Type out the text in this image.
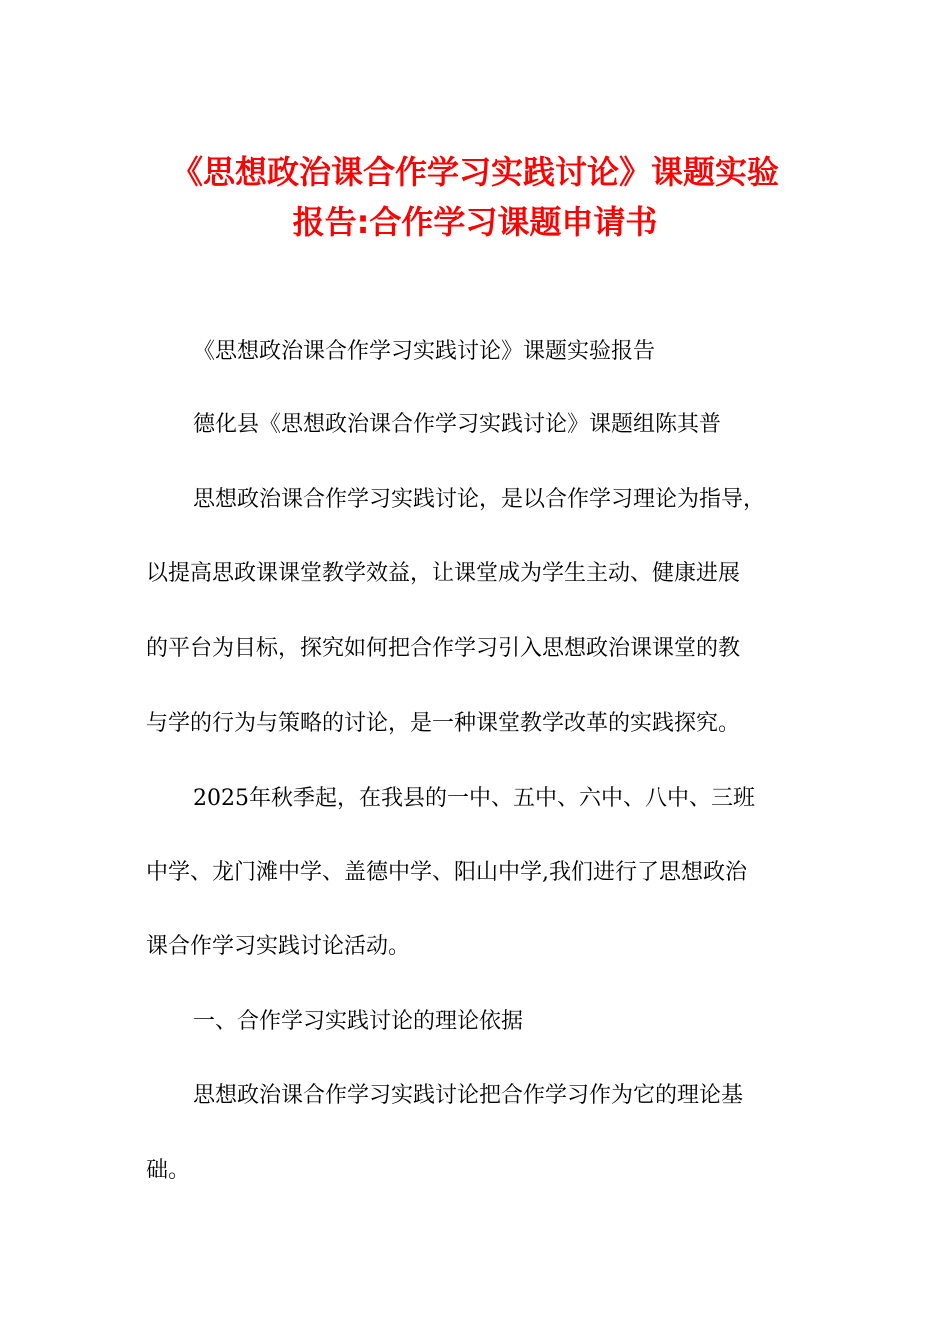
《思想政治课合作学习实践讨论》课题实验
报告:合作学习课题申请书
《思想政治课合作学习实践讨论》课题实验报告
德化县《思想政治课合作学习实践讨论》课题组陈其普
思想政治课合作学习实践讨论，是以合作学习理论为指导，
以提高思政课课堂教学效益，让课堂成为学生主动、健康进展
的平台为目标，探究如何把合作学习引入思想政治课课堂的教
与学的行为与策略的讨论，是一种课堂教学改革的实践探究。
2025年秋季起，在我县的一中、五中、六中、八中、三班
中学、龙门滩中学、盖德中学、阳山中学,我们进行了思想政治
课合作学习实践讨论活动。
一、合作学习实践讨论的理论依据
思想政治课合作学习实践讨论把合作学习作为它的理论基
础。
